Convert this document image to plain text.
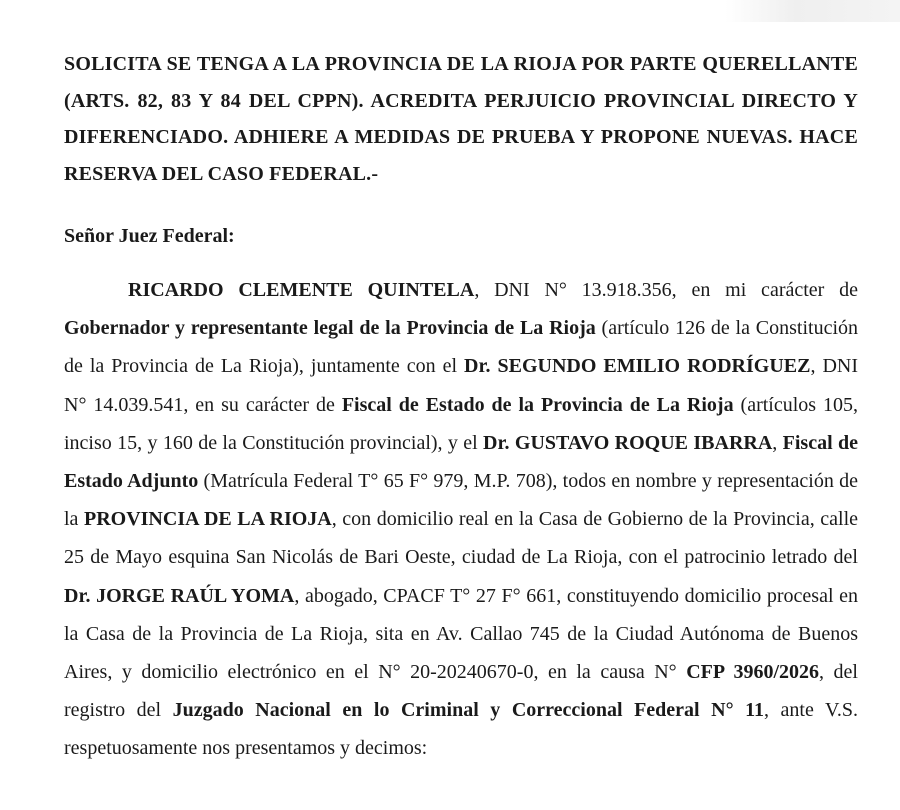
SOLICITA SE TENGA A LA PROVINCIA DE LA RIOJA POR PARTE QUERELLANTE (ARTS. 82, 83 Y 84 DEL CPPN). ACREDITA PERJUICIO PROVINCIAL DIRECTO Y DIFERENCIADO. ADHIERE A MEDIDAS DE PRUEBA Y PROPONE NUEVAS. HACE RESERVA DEL CASO FEDERAL.-

Señor Juez Federal:

RICARDO CLEMENTE QUINTELA, DNI N° 13.918.356, en mi carácter de Gobernador y representante legal de la Provincia de La Rioja (artículo 126 de la Constitución de la Provincia de La Rioja), juntamente con el Dr. SEGUNDO EMILIO RODRÍGUEZ, DNI N° 14.039.541, en su carácter de Fiscal de Estado de la Provincia de La Rioja (artículos 105, inciso 15, y 160 de la Constitución provincial), y el Dr. GUSTAVO ROQUE IBARRA, Fiscal de Estado Adjunto (Matrícula Federal T° 65 F° 979, M.P. 708), todos en nombre y representación de la PROVINCIA DE LA RIOJA, con domicilio real en la Casa de Gobierno de la Provincia, calle 25 de Mayo esquina San Nicolás de Bari Oeste, ciudad de La Rioja, con el patrocinio letrado del Dr. JORGE RAÚL YOMA, abogado, CPACF T° 27 F° 661, constituyendo domicilio procesal en la Casa de la Provincia de La Rioja, sita en Av. Callao 745 de la Ciudad Autónoma de Buenos Aires, y domicilio electrónico en el N° 20-20240670-0, en la causa N° CFP 3960/2026, del registro del Juzgado Nacional en lo Criminal y Correccional Federal N° 11, ante V.S. respetuosamente nos presentamos y decimos:
